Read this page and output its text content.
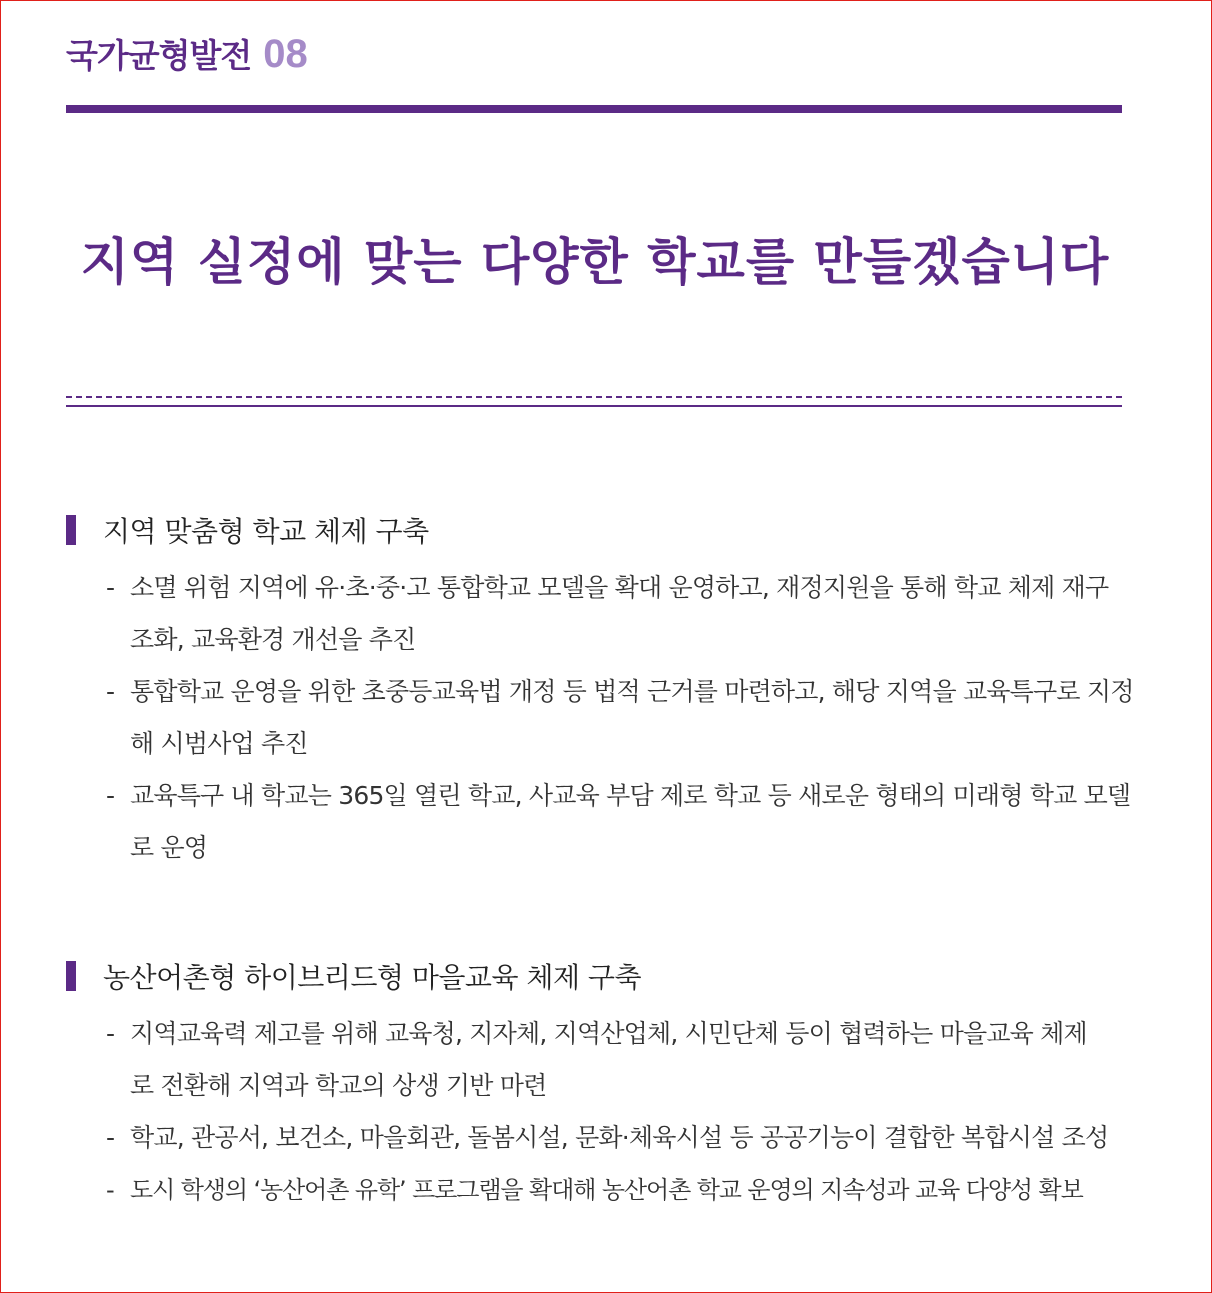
국가균형발전 08
지역 실정에 맞는 다양한 학교를 만들겠습니다
지역 맞춤형 학교 체제 구축
- 소멸 위험 지역에 유·초·중·고 통합학교 모델을 확대 운영하고, 재정지원을 통해 학교 체제 재구조화, 교육환경 개선을 추진
- 통합학교 운영을 위한 초중등교육법 개정 등 법적 근거를 마련하고, 해당 지역을 교육특구로 지정해 시범사업 추진
- 교육특구 내 학교는 365일 열린 학교, 사교육 부담 제로 학교 등 새로운 형태의 미래형 학교 모델로 운영
농산어촌형 하이브리드형 마을교육 체제 구축
- 지역교육력 제고를 위해 교육청, 지자체, 지역산업체, 시민단체 등이 협력하는 마을교육 체제로 전환해 지역과 학교의 상생 기반 마련
- 학교, 관공서, 보건소, 마을회관, 돌봄시설, 문화·체육시설 등 공공기능이 결합한 복합시설 조성
- 도시 학생의 ‘농산어촌 유학’ 프로그램을 확대해 농산어촌 학교 운영의 지속성과 교육 다양성 확보
